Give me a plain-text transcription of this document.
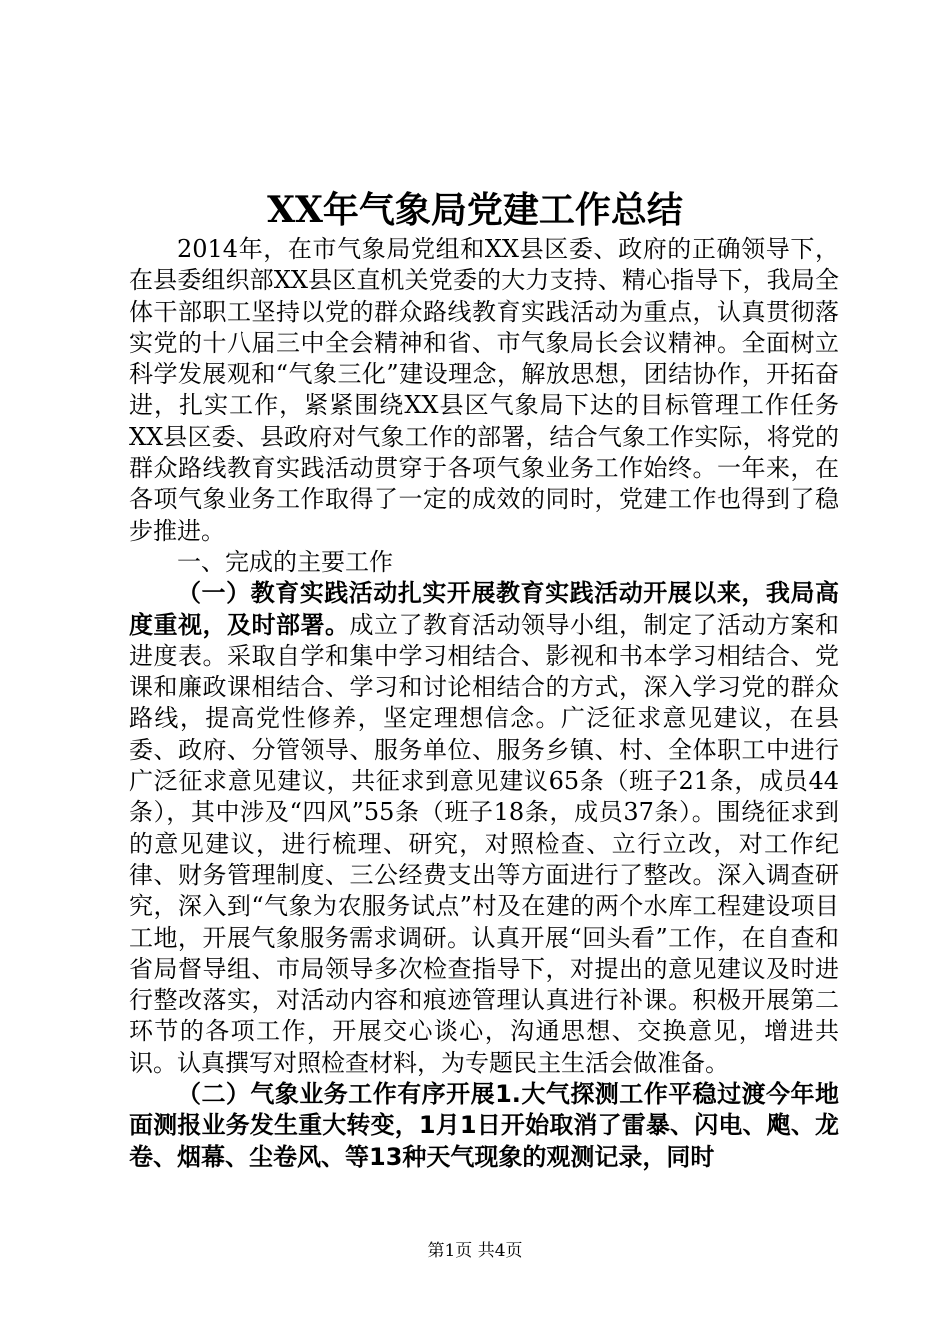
XX年气象局党建工作总结

2014年，在市气象局党组和XX县区委、政府的正确领导下，在县委组织部XX县区直机关党委的大力支持、精心指导下，我局全体干部职工坚持以党的群众路线教育实践活动为重点，认真贯彻落实党的十八届三中全会精神和省、市气象局长会议精神。全面树立科学发展观和“气象三化”建设理念，解放思想，团结协作，开拓奋进，扎实工作，紧紧围绕XX县区气象局下达的目标管理工作任务XX县区委、县政府对气象工作的部署，结合气象工作实际，将党的群众路线教育实践活动贯穿于各项气象业务工作始终。一年来，在各项气象业务工作取得了一定的成效的同时，党建工作也得到了稳步推进。

一、完成的主要工作

（一）教育实践活动扎实开展教育实践活动开展以来，我局高度重视，及时部署。成立了教育活动领导小组，制定了活动方案和进度表。采取自学和集中学习相结合、影视和书本学习相结合、党课和廉政课相结合、学习和讨论相结合的方式，深入学习党的群众路线，提高党性修养，坚定理想信念。广泛征求意见建议，在县委、政府、分管领导、服务单位、服务乡镇、村、全体职工中进行广泛征求意见建议，共征求到意见建议65条（班子21条，成员44条），其中涉及“四风”55条（班子18条，成员37条）。围绕征求到的意见建议，进行梳理、研究，对照检查、立行立改，对工作纪律、财务管理制度、三公经费支出等方面进行了整改。深入调查研究，深入到“气象为农服务试点”村及在建的两个水库工程建设项目工地，开展气象服务需求调研。认真开展“回头看”工作，在自查和省局督导组、市局领导多次检查指导下，对提出的意见建议及时进行整改落实，对活动内容和痕迹管理认真进行补课。积极开展第二环节的各项工作，开展交心谈心，沟通思想、交换意见，增进共识。认真撰写对照检查材料，为专题民主生活会做准备。

（二）气象业务工作有序开展1.大气探测工作平稳过渡今年地面测报业务发生重大转变，1月1日开始取消了雷暴、闪电、飑、龙卷、烟幕、尘卷风、等13种天气现象的观测记录，同时

第1页 共4页
